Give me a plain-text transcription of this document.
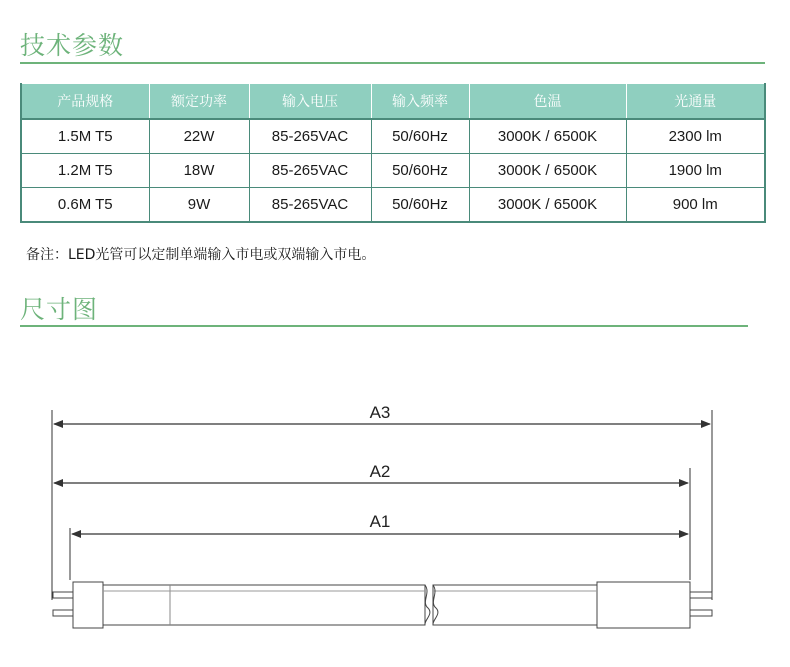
技术参数
产品规格	额定功率	输入电压	输入频率	色温	光通量
1.5M T5	22W	85-265VAC	50/60Hz	3000K / 6500K	2300 lm
1.2M T5	18W	85-265VAC	50/60Hz	3000K / 6500K	1900 lm
0.6M T5	9W	85-265VAC	50/60Hz	3000K / 6500K	900 lm
备注：LED光管可以定制单端输入市电或双端输入市电。
尺寸图
A3
A2
A1
